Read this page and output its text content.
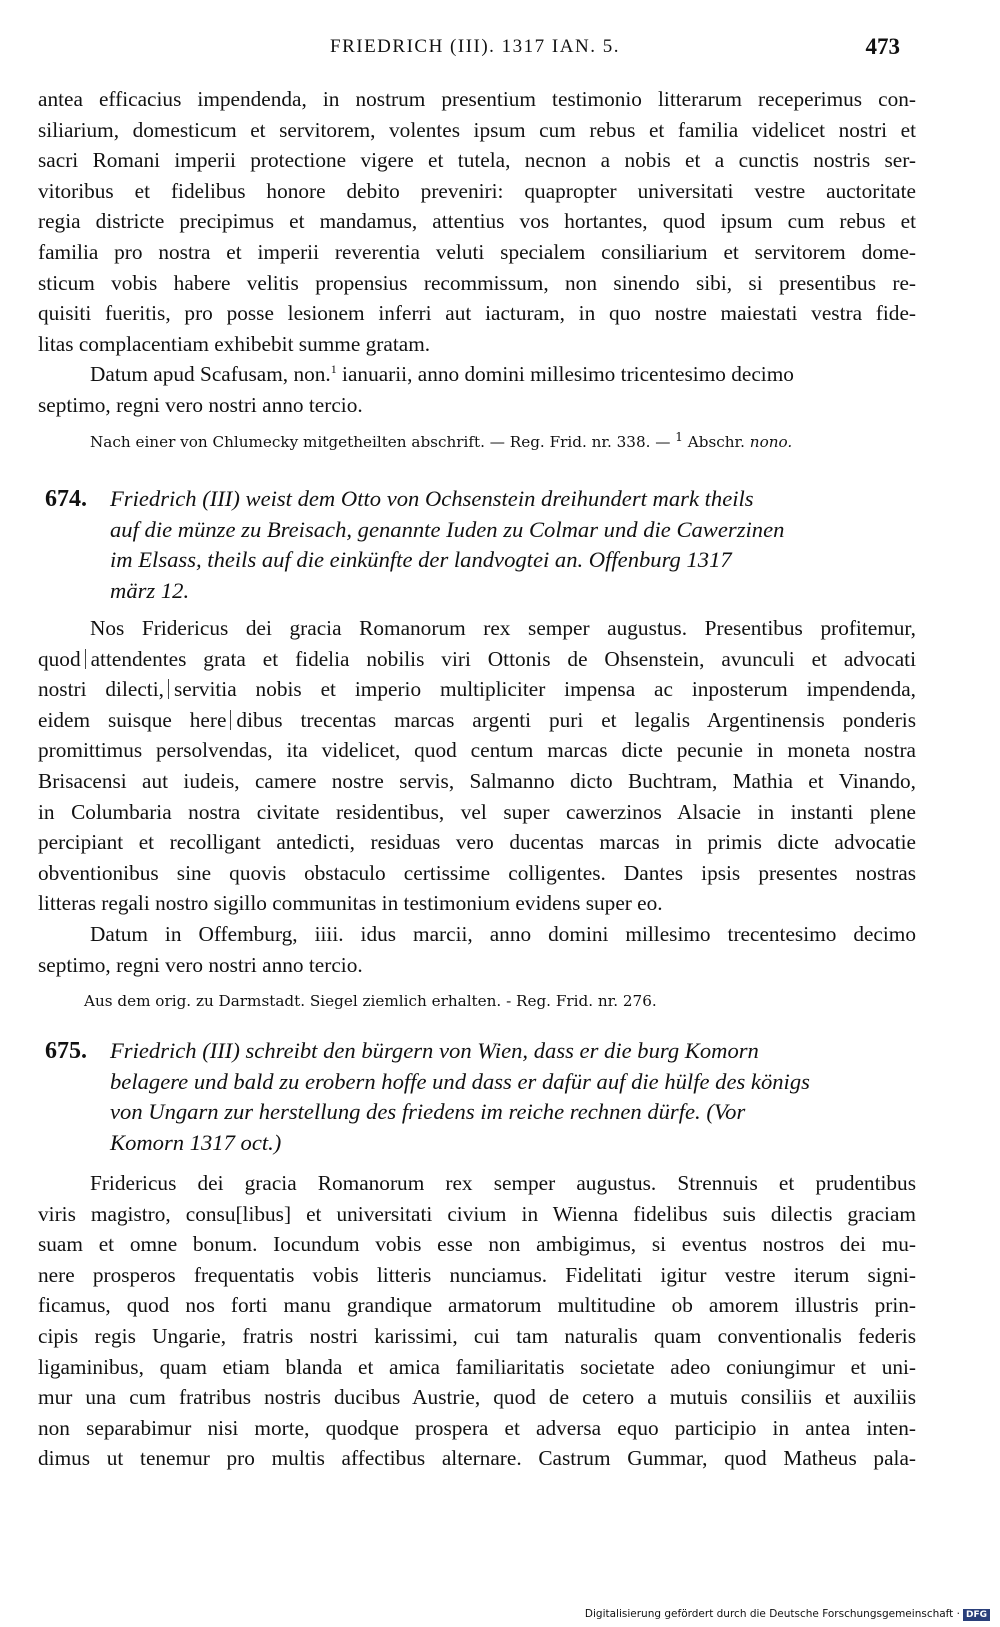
FRIEDRICH (III). 1317 IAN. 5.	473

antea efficacius impendenda, in nostrum presentium testimonio litterarum receperimus con-

siliarium, domesticum et servitorem, volentes ipsum cum rebus et familia videlicet nostri et

sacri Romani imperii protectione vigere et tutela, necnon a nobis et a cunctis nostris ser-

vitoribus et fidelibus honore debito preveniri: quapropter universitati vestre auctoritate

regia districte precipimus et mandamus, attentius vos hortantes, quod ipsum cum rebus et

familia pro nostra et imperii reverentia veluti specialem consiliarium et servitorem dome-

sticum vobis habere velitis propensius recommissum, non sinendo sibi, si presentibus re-

quisiti fueritis, pro posse lesionem inferri aut iacturam, in quo nostre maiestati vestra fide-

litas complacentiam exhibebit summe gratam.

Datum apud Scafusam, non.$^1$ ianuarii, anno domini millesimo tricentesimo decimo

septimo, regni vero nostri anno tercio.

Nach einer von Chlumecky mitgetheilten abschrift. — Reg. Frid. nr. 338. — $^1$ Abschr. nono.

674.	Friedrich (III) weist dem Otto von Ochsenstein dreihundert mark theils
auf die münze zu Breisach, genannte Iuden zu Colmar und die Cawerzinen
im Elsass, theils auf die einkünfte der landvogtei an. Offenburg 1317
märz 12.

Nos Fridericus dei gracia Romanorum rex semper augustus. Presentibus profitemur,

quod attendentes grata et fidelia nobilis viri Ottonis de Ohsenstein, avunculi et advocati

nostri dilecti, servitia nobis et imperio multipliciter impensa ac inposterum impendenda,

eidem suisque here dibus trecentas marcas argenti puri et legalis Argentinensis ponderis

promittimus persolvendas, ita videlicet, quod centum marcas dicte pecunie in moneta nostra

Brisacensi aut iudeis, camere nostre servis, Salmanno dicto Buchtram, Mathia et Vinando,

in Columbaria nostra civitate residentibus, vel super cawerzinos Alsacie in instanti plene

percipiant et recolligant antedicti, residuas vero ducentas marcas in primis dicte advocatie

obventionibus sine quovis obstaculo certissime colligentes. Dantes ipsis presentes nostras

litteras regali nostro sigillo communitas in testimonium evidens super eo.

Datum in Offemburg, iiii. idus marcii, anno domini millesimo trecentesimo decimo

septimo, regni vero nostri anno tercio.

Aus dem orig. zu Darmstadt. Siegel ziemlich erhalten. - Reg. Frid. nr. 276.

675.	Friedrich (III) schreibt den bürgern von Wien, dass er die burg Komorn
belagere und bald zu erobern hoffe und dass er dafür auf die hülfe des königs
von Ungarn zur herstellung des friedens im reiche rechnen dürfe. (Vor
Komorn 1317 oct.)

Fridericus dei gracia Romanorum rex semper augustus. Strennuis et prudentibus

viris magistro, consu[libus] et universitati civium in Wienna fidelibus suis dilectis graciam

suam et omne bonum. Iocundum vobis esse non ambigimus, si eventus nostros dei mu-

nere prosperos frequentatis vobis litteris nunciamus. Fidelitati igitur vestre iterum signi-

ficamus, quod nos forti manu grandique armatorum multitudine ob amorem illustris prin-

cipis regis Ungarie, fratris nostri karissimi, cui tam naturalis quam conventionalis federis

ligaminibus, quam etiam blanda et amica familiaritatis societate adeo coniungimur et uni-

mur una cum fratribus nostris ducibus Austrie, quod de cetero a mutuis consiliis et auxiliis

non separabimur nisi morte, quodque prospera et adversa equo participio in antea inten-

dimus ut tenemur pro multis affectibus alternare. Castrum Gummar, quod Matheus pala-

Digitalisierung gefördert durch die Deutsche Forschungsgemeinschaft · DFG
